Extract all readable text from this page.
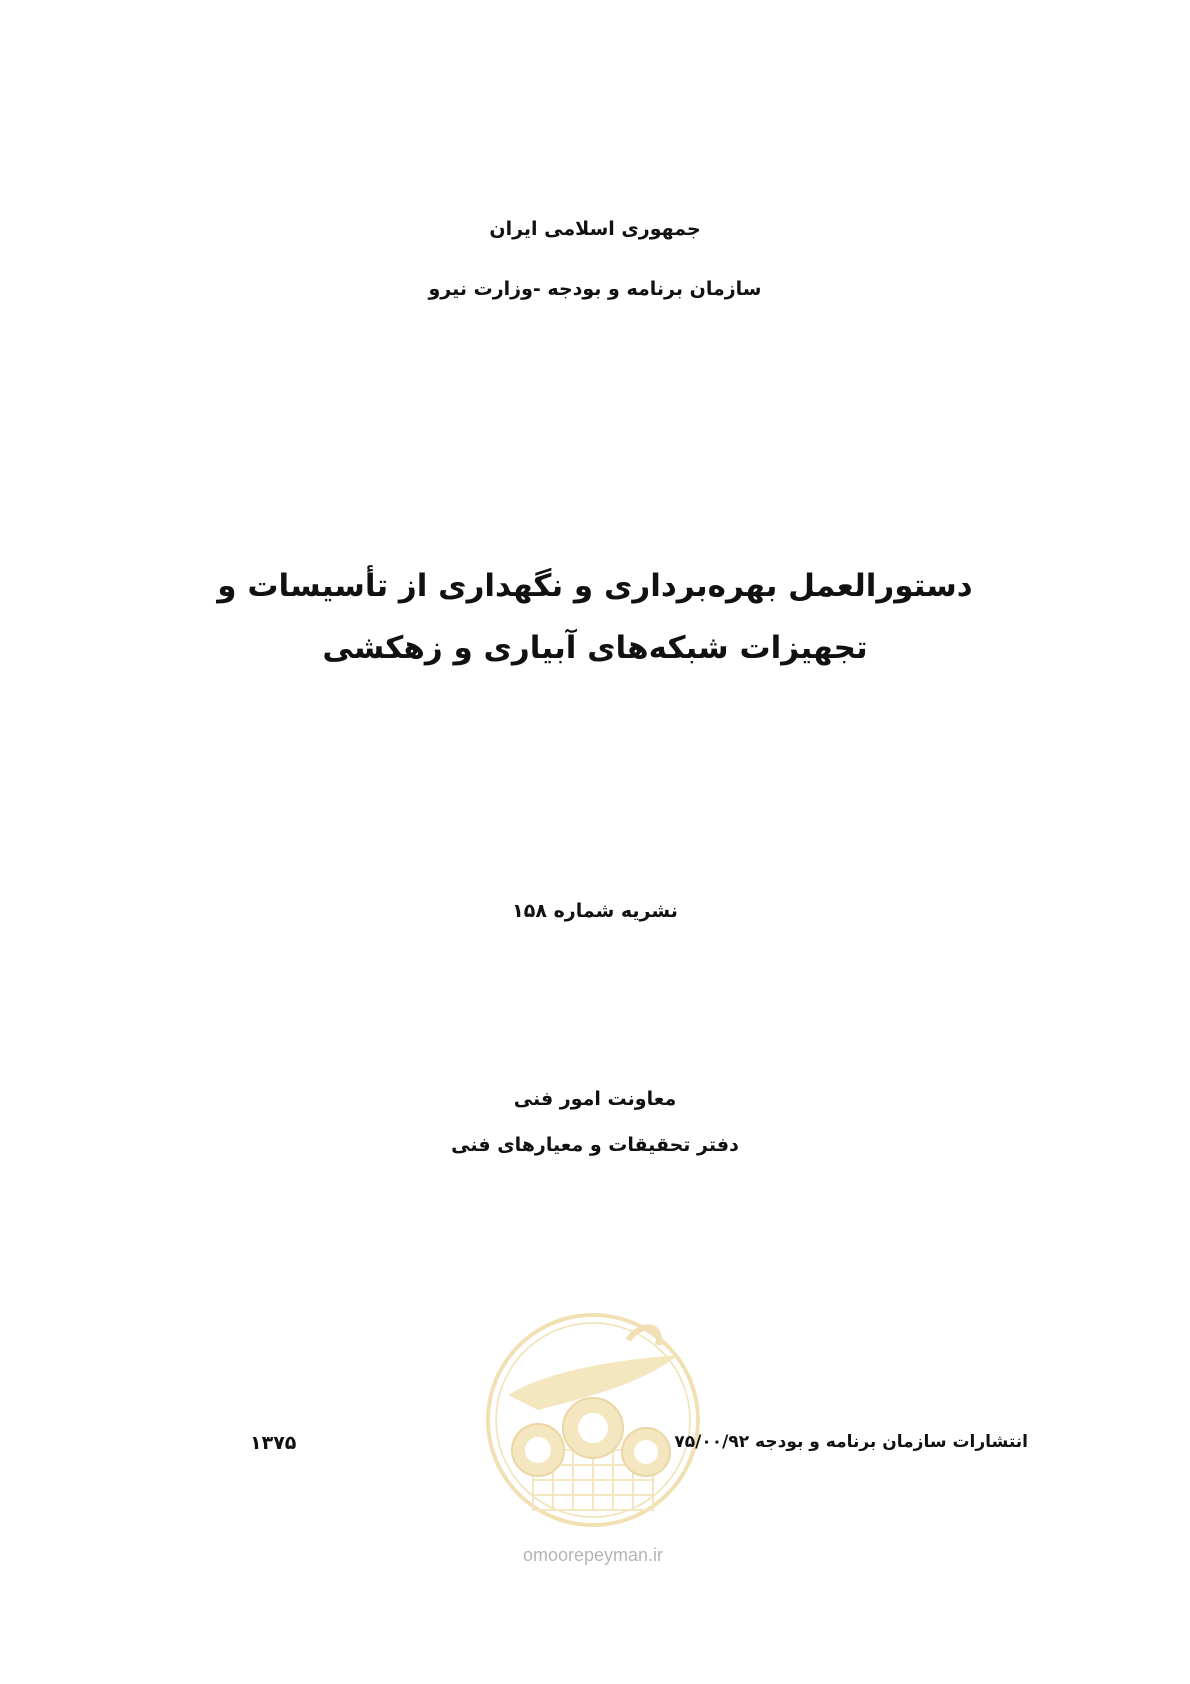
جمهوری اسلامی ایران
سازمان برنامه و بودجه -وزارت نیرو
دستورالعمل بهره‌برداری و نگهداری از تأسیسات و
تجهیزات شبکه‌های آبیاری و زهکشی
نشریه شماره ۱۵۸
معاونت امور فنی
دفتر تحقیقات و معیارهای فنی
omoorepeyman.ir
انتشارات سازمان برنامه و بودجه ۷۵/۰۰/۹۲
۱۳۷۵
